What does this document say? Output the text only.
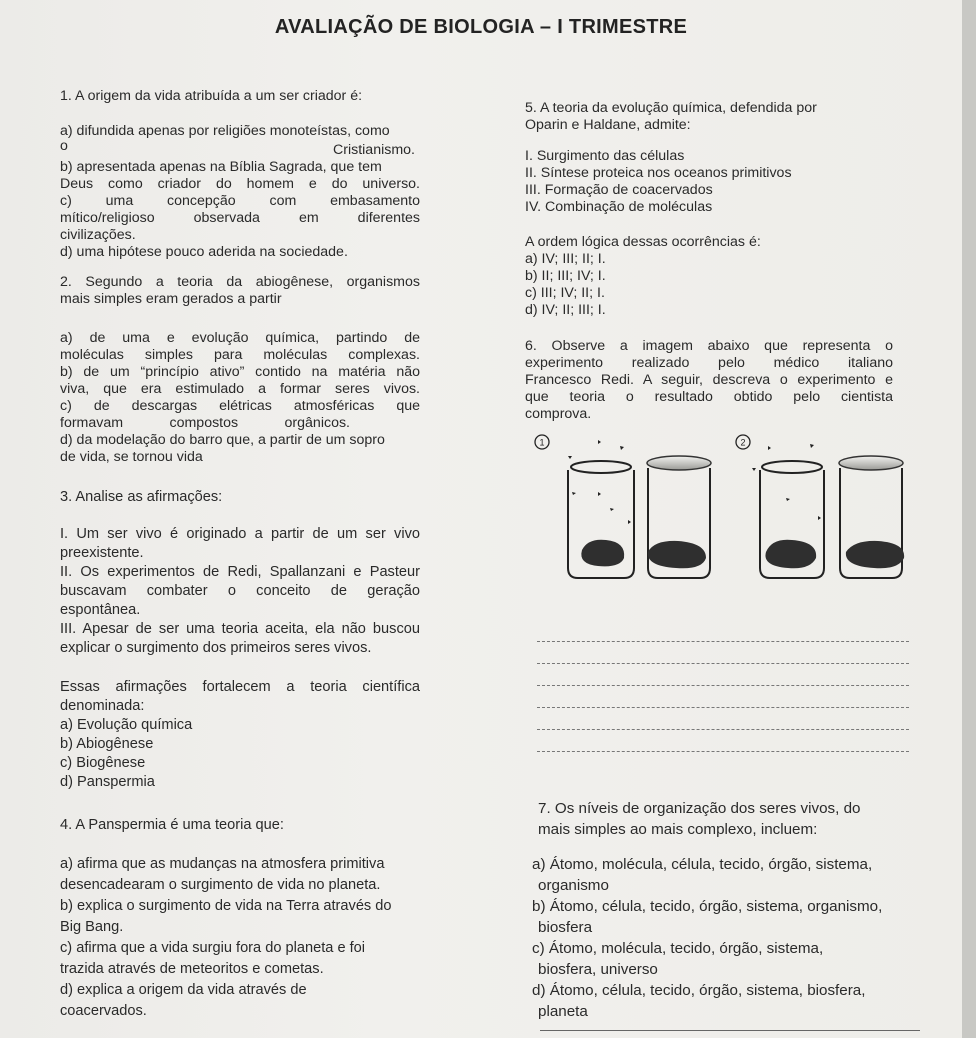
AVALIAÇÃO DE BIOLOGIA – I TRIMESTRE

1. A origem da vida atribuída a um ser criador é:

a) difundida apenas por religiões monoteístas, como

o	Cristianismo.

b) apresentada apenas na Bíblia Sagrada, que tem

Deus como criador do homem e do universo.

c) uma concepção com embasamento

mítico/religioso observada em diferentes

civilizações.

d) uma hipótese pouco aderida na sociedade.

2. Segundo a teoria da abiogênese, organismos

mais simples eram gerados a partir

a) de uma e evolução química, partindo de

moléculas simples para moléculas complexas.

b) de um “princípio ativo” contido na matéria não

viva, que era estimulado a formar seres vivos.

c) de descargas elétricas atmosféricas que

formavam compostos orgânicos.

d) da modelação do barro que, a partir de um sopro

de vida, se tornou vida

3. Analise as afirmações:

I. Um ser vivo é originado a partir de um ser vivo

preexistente.

II. Os experimentos de Redi, Spallanzani e Pasteur

buscavam combater o conceito de geração

espontânea.

III. Apesar de ser uma teoria aceita, ela não buscou

explicar o surgimento dos primeiros seres vivos.

Essas afirmações fortalecem a teoria científica

denominada:

a) Evolução química

b) Abiogênese

c) Biogênese

d) Panspermia

4. A Panspermia é uma teoria que:

a) afirma que as mudanças na atmosfera primitiva

desencadearam o surgimento de vida no planeta.

b) explica o surgimento de vida na Terra através do

Big Bang.

c) afirma que a vida surgiu fora do planeta e foi

trazida através de meteoritos e cometas.

d) explica a origem da vida através de

coacervados.

5. A teoria da evolução química, defendida por

Oparin e Haldane, admite:

I. Surgimento das células

II. Síntese proteica nos oceanos primitivos

III. Formação de coacervados

IV. Combinação de moléculas

A ordem lógica dessas ocorrências é:

a) IV; III; II; I.

b) II; III; IV; I.

c) III; IV; II; I.

d) IV; II; III; I.

6. Observe a imagem abaixo que representa o

experimento realizado pelo médico italiano

Francesco Redi. A seguir, descreva o experimento e

que teoria o resultado obtido pelo cientista

comprova.

1	2

7. Os níveis de organização dos seres vivos, do

mais simples ao mais complexo, incluem:

a) Átomo, molécula, célula, tecido, órgão, sistema,

organismo

b) Átomo, célula, tecido, órgão, sistema, organismo,

biosfera

c) Átomo, molécula, tecido, órgão, sistema,

biosfera, universo

d) Átomo, célula, tecido, órgão, sistema, biosfera,

planeta
